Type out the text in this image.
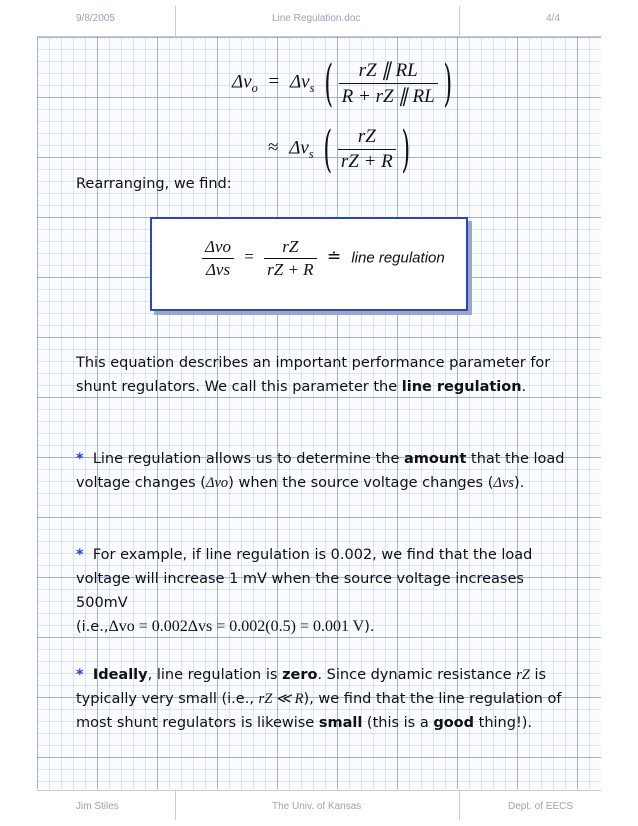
9/8/2005	Line Regulation.doc	4/4
$\Delta v_o = \Delta v_s$ ( $\frac{rZ \parallel RL}{R + rZ \parallel RL}$ )
≈ $\Delta v_s$ ( $\frac{rZ}{rZ + R}$ )
Rearranging, we find:
$\frac{\text{Δvo}}{\text{Δvs}} = \frac{rZ}{rZ + R}$ ≐ line regulation
This equation describes an important performance parameter for shunt regulators. We call this parameter the line regulation.
* Line regulation allows us to determine the amount that the load voltage changes (Δvo) when the source voltage changes (Δvs).
* For example, if line regulation is 0.002, we find that the load voltage will increase 1 mV when the source voltage increases 500mV
(i.e.,Δvo = 0.002Δvs = 0.002(0.5) = 0.001 V).
* Ideally, line regulation is zero. Since dynamic resistance rZ is typically very small (i.e., rZ ≪ R), we find that the line regulation of most shunt regulators is likewise small (this is a good thing!).
Jim Stiles	The Univ. of Kansas	Dept. of EECS
